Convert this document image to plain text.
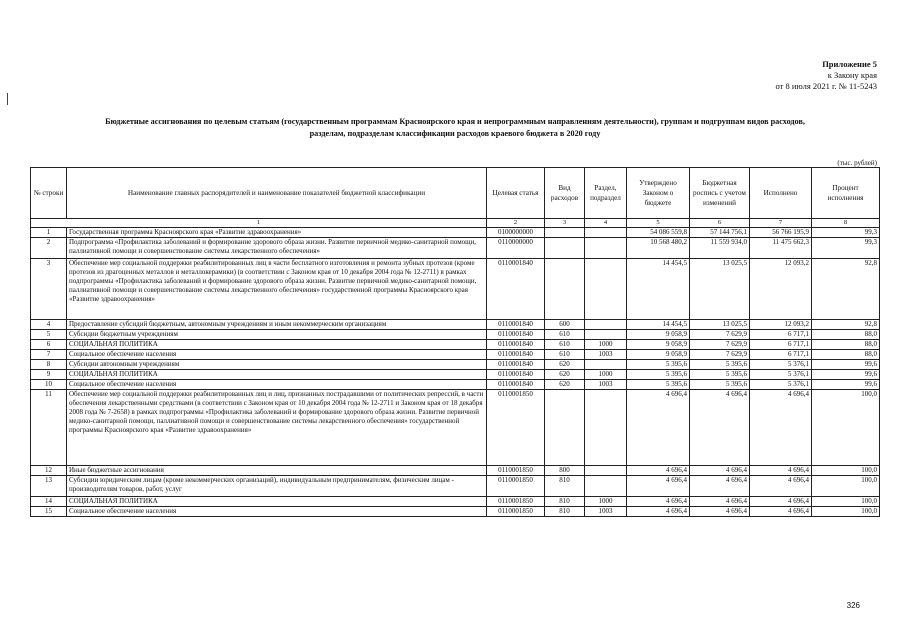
Приложение 5
к Закону края
от 8 июля 2021 г. № 11-5243
Бюджетные ассигнования по целевым статьям (государственным программам Красноярского края и непрограммным направлениям деятельности), группам и подгруппам видов расходов,
разделам, подразделам классификации расходов краевого бюджета в 2020 году
(тыс. рублей)
№ строки	Наименование главных распорядителей и наименование показателей бюджетной классификации	Целевая статья	Вид расходов	Раздел, подраздел	Утверждено Законом о бюджете	Бюджетная роспись с учетом изменений	Исполнено	Процент исполнения
1		2	3	4	5	6	7	8
1	Государственная программа Красноярского края «Развитие здравоохранения»	0100000000			54 086 559,8	57 144 756,1	56 766 195,9	99,3
2	Подпрограмма «Профилактика заболеваний и формирование здорового образа жизни. Развитие первичной медико-санитарной помощи, паллиативной помощи и совершенствование системы лекарственного обеспечения»	0110000000			10 568 480,2	11 559 934,0	11 475 662,3	99,3
3	Обеспечение мер социальной поддержки реабилитированных лиц в части бесплатного изготовления и ремонта зубных протезов (кроме протезов из драгоценных металлов и металлокерамики) (в соответствии с Законом края от 10 декабря 2004 года № 12-2711) в рамках подпрограммы «Профилактика заболеваний и формирование здорового образа жизни. Развитие первичной медико-санитарной помощи, паллиативной помощи и совершенствование системы лекарственного обеспечения» государственной программы Красноярского края «Развитие здравоохранения»	0110001840			14 454,5	13 025,5	12 093,2	92,8
4	Предоставление субсидий бюджетным, автономным учреждениям и иным некоммерческим организациям	0110001840	600		14 454,5	13 025,5	12 093,2	92,8
5	Субсидии бюджетным учреждениям	0110001840	610		9 058,9	7 629,9	6 717,1	88,0
6	СОЦИАЛЬНАЯ ПОЛИТИКА	0110001840	610	1000	9 058,9	7 629,9	6 717,1	88,0
7	Социальное обеспечение населения	0110001840	610	1003	9 058,9	7 629,9	6 717,1	88,0
8	Субсидии автономным учреждениям	0110001840	620		5 395,6	5 395,6	5 376,1	99,6
9	СОЦИАЛЬНАЯ ПОЛИТИКА	0110001840	620	1000	5 395,6	5 395,6	5 376,1	99,6
10	Социальное обеспечение населения	0110001840	620	1003	5 395,6	5 395,6	5 376,1	99,6
11	Обеспечение мер социальной поддержки реабилитированных лиц и лиц, признанных пострадавшими от политических репрессий, в части обеспечения лекарственными средствами (в соответствии с Законом края от 10 декабря 2004 года № 12-2711 и Законом края от 18 декабря 2008 года № 7-2658) в рамках подпрограммы «Профилактика заболеваний и формирование здорового образа жизни. Развитие первичной медико-санитарной помощи, паллиативной помощи и совершенствование системы лекарственного обеспечения» государственной программы Красноярского края «Развитие здравоохранения»	0110001850			4 696,4	4 696,4	4 696,4	100,0
12	Иные бюджетные ассигнования	0110001850	800		4 696,4	4 696,4	4 696,4	100,0
13	Субсидии юридическим лицам (кроме некоммерческих организаций), индивидуальным предпринимателям, физическим лицам - производителям товаров, работ, услуг	0110001850	810		4 696,4	4 696,4	4 696,4	100,0
14	СОЦИАЛЬНАЯ ПОЛИТИКА	0110001850	810	1000	4 696,4	4 696,4	4 696,4	100,0
15	Социальное обеспечение населения	0110001850	810	1003	4 696,4	4 696,4	4 696,4	100,0
326
